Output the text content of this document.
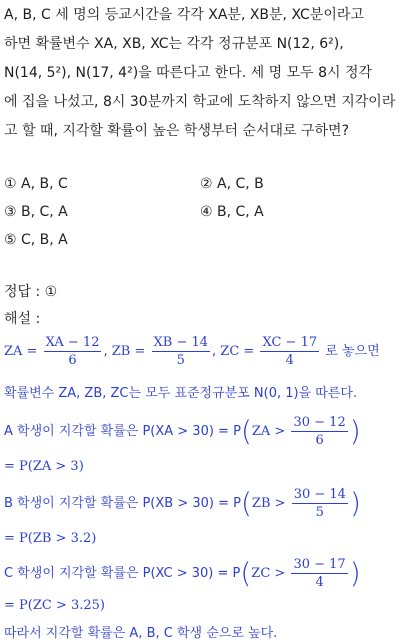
A, B, C 세 명의 등교시간을 각각 XA분, XB분, XC분이라고
하면 확률변수 XA, XB, XC는 각각 정규분포 N(12, 6²),
N(14, 5²), N(17, 4²)을 따른다고 한다. 세 명 모두 8시 정각
에 집을 나섰고, 8시 30분까지 학교에 도착하지 않으면 지각이라
고 할 때, 지각할 확률이 높은 학생부터 순서대로 구하면?
① A, B, C	② A, C, B
③ B, C, A	④ B, C, A
⑤ C, B, A
정답 : ①
해설 :
ZA = $\frac{XA - 12}{6}$ , ZB = $\frac{XB - 14}{5}$ , ZC = $\frac{XC - 17}{4}$ 로 놓으면
확률변수 ZA, ZB, ZC는 모두 표준정규분포 N(0, 1)을 따른다.
A 학생이 지각할 확률은 $P(XA > 30) = P(ZA > \frac{30 - 12}{6}$ )
= P(ZA > 3)
B 학생이 지각할 확률은 $P(XB > 30) = P(ZB > \frac{30 - 14}{5}$ )
= P(ZB > 3.2)
C 학생이 지각할 확률은 $P(XC > 30) = P(ZC > \frac{30 - 17}{4}$ )
= P(ZC > 3.25)
따라서 지각할 확률은 A, B, C 학생 순으로 높다.
